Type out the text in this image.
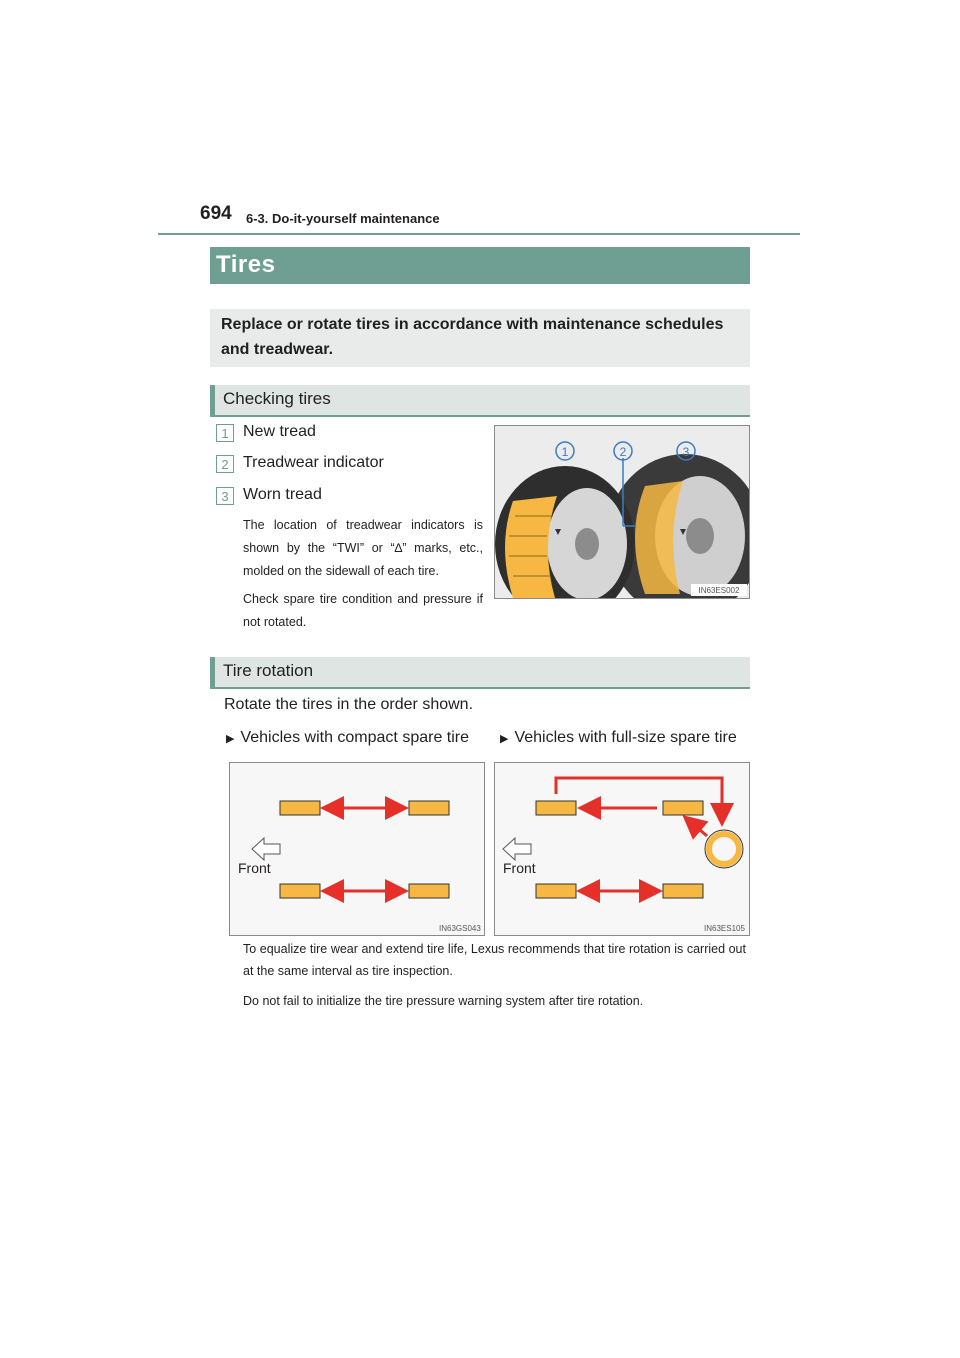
694 6-3. Do-it-yourself maintenance
Tires
Replace or rotate tires in accordance with maintenance schedules and treadwear.
Checking tires
1 New tread
2 Treadwear indicator
3 Worn tread
The location of treadwear indicators is shown by the “TWI” or “∆” marks, etc., molded on the sidewall of each tire.
Check spare tire condition and pressure if not rotated.
1	2	3
IN63ES002
Tire rotation
Rotate the tires in the order shown.
▶ Vehicles with compact spare tire	▶ Vehicles with full-size spare tire
Front
IN63GS043
Front
IN63ES105
To equalize tire wear and extend tire life, Lexus recommends that tire rotation is carried out at the same interval as tire inspection.
Do not fail to initialize the tire pressure warning system after tire rotation.
